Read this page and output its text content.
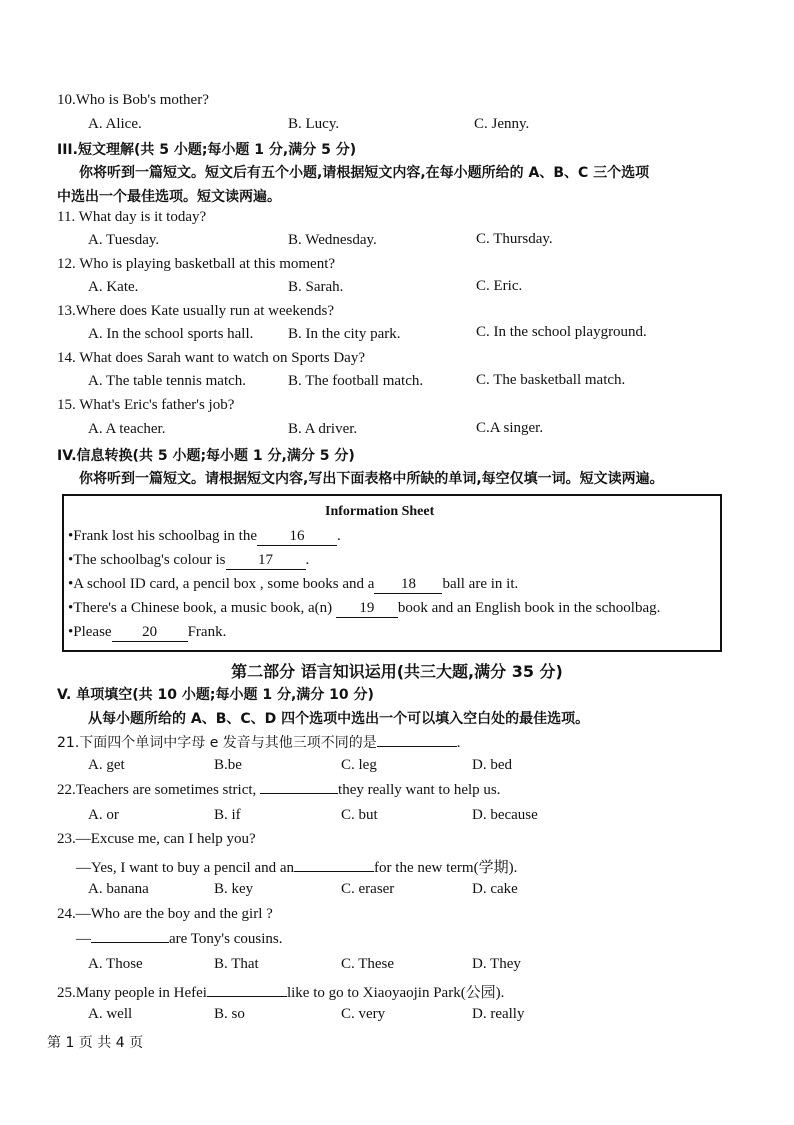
10.Who is Bob's mother?
A. Alice.	B. Lucy.	C. Jenny.
III.短文理解(共 5 小题;每小题 1 分,满分 5 分)
你将听到一篇短文。短文后有五个小题,请根据短文内容,在每小题所给的 A、B、C 三个选项
中选出一个最佳选项。短文读两遍。
11. What day is it today?
A. Tuesday.	B. Wednesday.	C. Thursday.
12. Who is playing basketball at this moment?
A. Kate.	B. Sarah.	C. Eric.
13.Where does Kate usually run at weekends?
A. In the school sports hall. B. In the city park.	C. In the school playground.
14. What does Sarah want to watch on Sports Day?
A. The table tennis match.	B. The football match.	C. The basketball match.
15. What's Eric's father's job?
A. A teacher.	B. A driver.	C.A singer.
IV.信息转换(共 5 小题;每小题 1 分,满分 5 分)
你将听到一篇短文。请根据短文内容,写出下面表格中所缺的单词,每空仅填一词。短文读两遍。
Information Sheet
•Frank lost his schoolbag in the 16 .
•The schoolbag's colour is 17 .
•A school ID card, a pencil box , some books and a 18 ball are in it.
•There's a Chinese book, a music book, a(n) 19 book and an English book in the schoolbag.
•Please 20 Frank.
第二部分 语言知识运用(共三大题,满分 35 分)
V. 单项填空(共 10 小题;每小题 1 分,满分 10 分)
从每小题所给的 A、B、C、D 四个选项中选出一个可以填入空白处的最佳选项。
21.下面四个单词中字母 e 发音与其他三项不同的是	.
A. get	B.be	C. leg	D. bed
22.Teachers are sometimes strict,	they really want to help us.
A. or	B. if	C. but	D. because
23.—Excuse me, can I help you?
—Yes, I want to buy a pencil and an	for the new term(学期).
A. banana	B. key	C. eraser	D. cake
24.—Who are the boy and the girl ?
—	are Tony's cousins.
A. Those	B. That	C. These	D. They
25.Many people in Hefei	like to go to Xiaoyaojin Park(公园).
A. well	B. so	C. very	D. really
第 1 页 共 4 页
